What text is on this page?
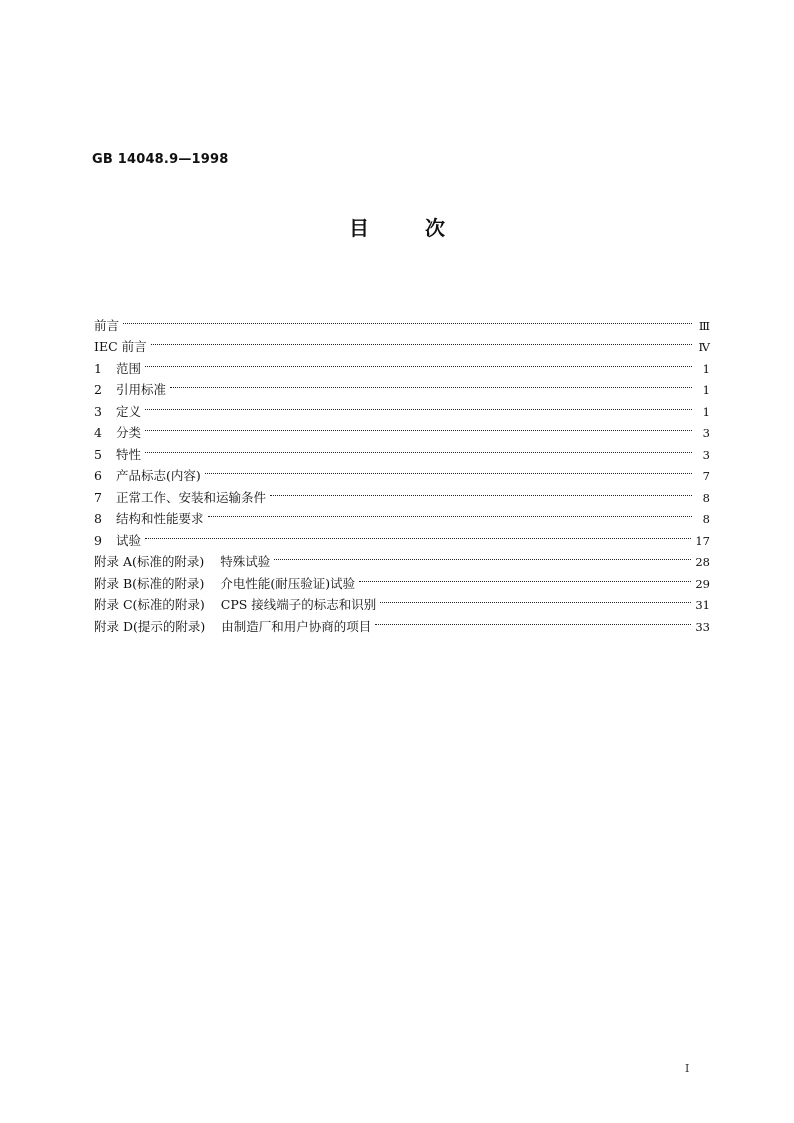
GB 14048.9—1998
目	次
前言	Ⅲ
IEC 前言	Ⅳ
1	范围	1
2	引用标准	1
3	定义	1
4	分类	3
5	特性	3
6	产品标志(内容)	7
7	正常工作、安装和运输条件	8
8	结构和性能要求	8
9	试验	17
附录 A(标准的附录) 特殊试验	28
附录 B(标准的附录) 介电性能(耐压验证)试验	29
附录 C(标准的附录) CPS 接线端子的标志和识别	31
附录 D(提示的附录) 由制造厂和用户协商的项目	33
I
